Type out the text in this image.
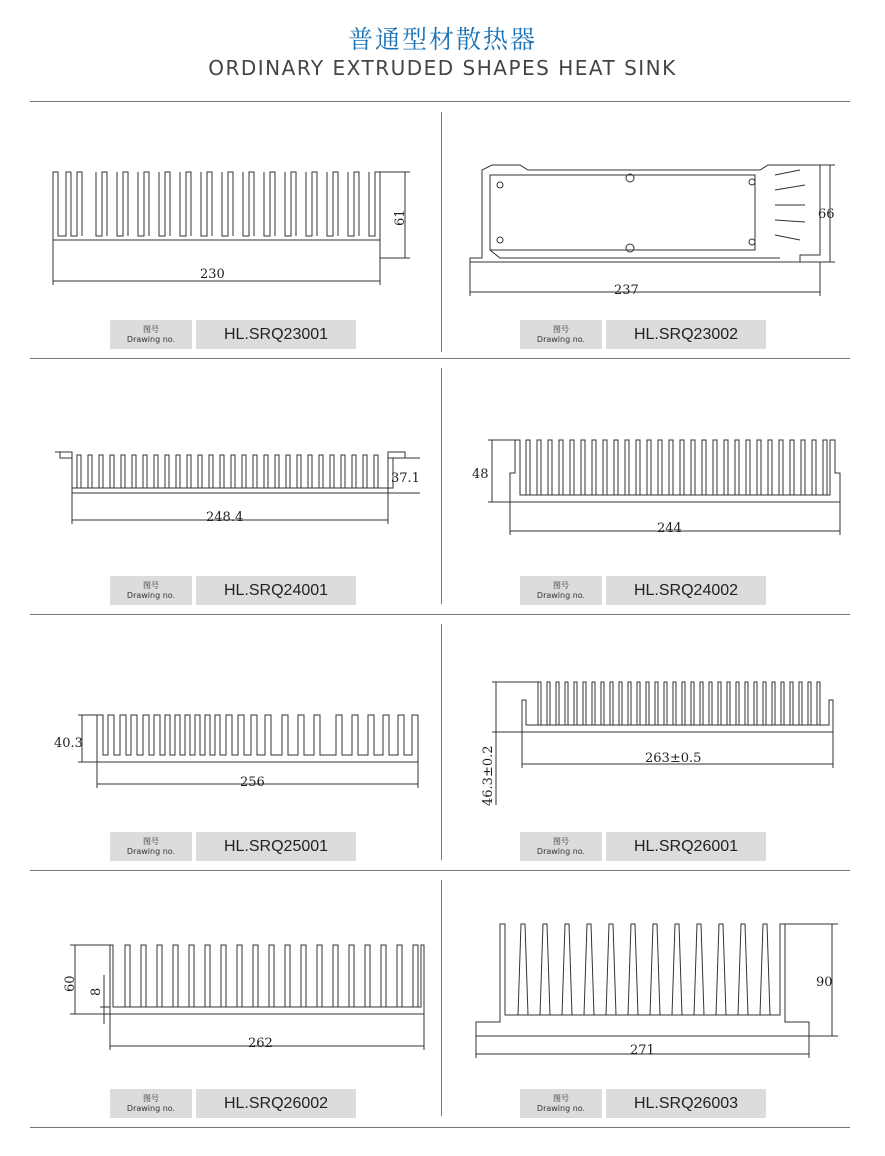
普通型材散热器
ORDINARY EXTRUDED SHAPES HEAT SINK
230
61
图号
Drawing no.	HL.SRQ23001
237
66
图号
Drawing no.	HL.SRQ23002
248.4
37.1
图号
Drawing no.	HL.SRQ24001
244
48
图号
Drawing no.	HL.SRQ24002
256
40.3
图号
Drawing no.	HL.SRQ25001
263±0.5
46.3±0.2
图号
Drawing no.	HL.SRQ26001
262
60 8
图号
Drawing no.	HL.SRQ26002
271
90
图号
Drawing no.	HL.SRQ26003
